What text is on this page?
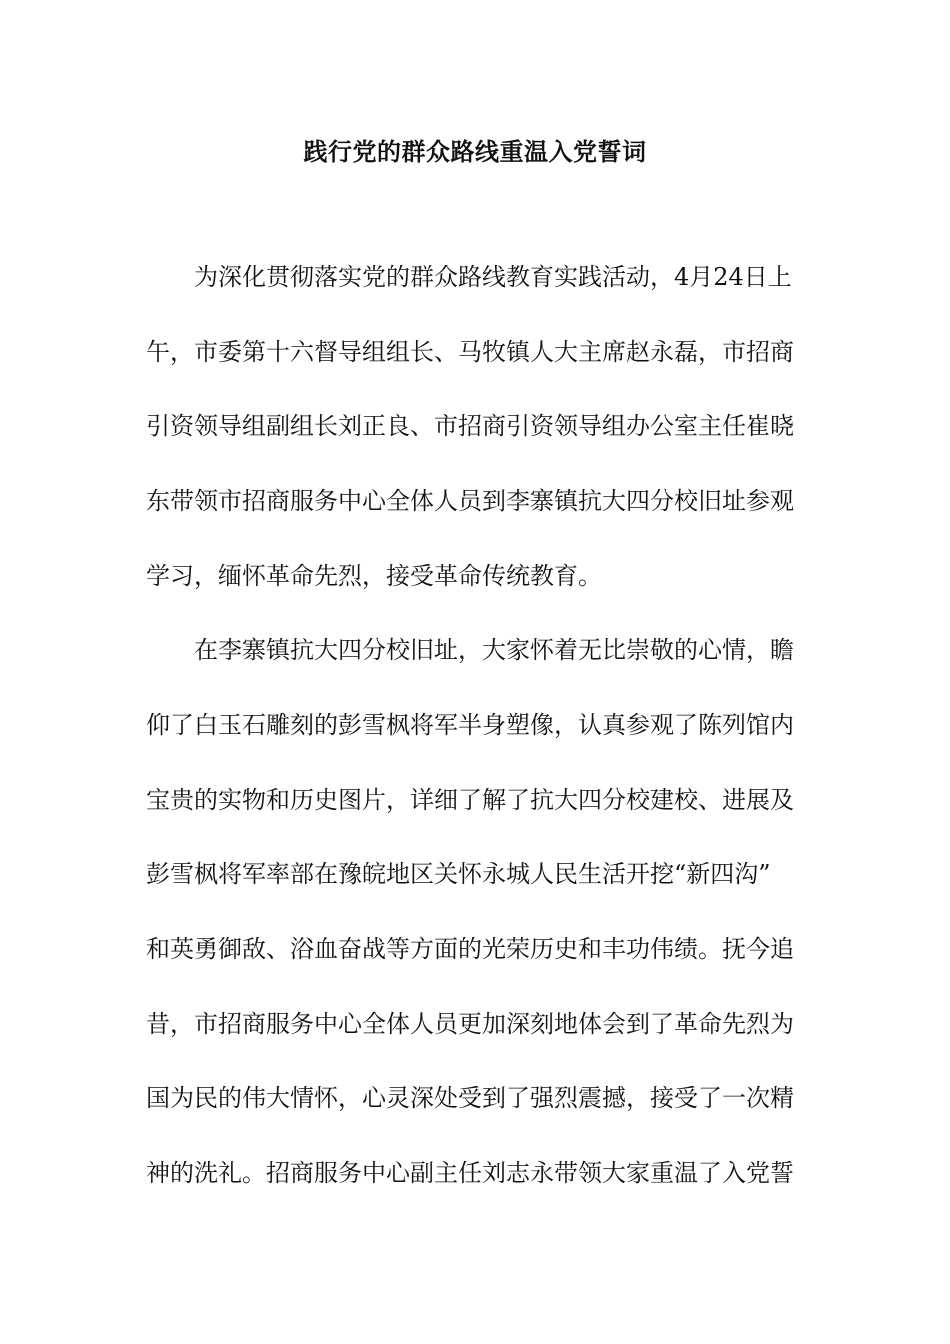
践行党的群众路线重温入党誓词
为深化贯彻落实党的群众路线教育实践活动，4月24日上
午，市委第十六督导组组长、马牧镇人大主席赵永磊，市招商
引资领导组副组长刘正良、市招商引资领导组办公室主任崔晓
东带领市招商服务中心全体人员到李寨镇抗大四分校旧址参观
学习，缅怀革命先烈，接受革命传统教育。
在李寨镇抗大四分校旧址，大家怀着无比崇敬的心情，瞻
仰了白玉石雕刻的彭雪枫将军半身塑像，认真参观了陈列馆内
宝贵的实物和历史图片，详细了解了抗大四分校建校、进展及
彭雪枫将军率部在豫皖地区关怀永城人民生活开挖“新四沟”
和英勇御敌、浴血奋战等方面的光荣历史和丰功伟绩。抚今追
昔，市招商服务中心全体人员更加深刻地体会到了革命先烈为
国为民的伟大情怀，心灵深处受到了强烈震撼，接受了一次精
神的洗礼。招商服务中心副主任刘志永带领大家重温了入党誓
